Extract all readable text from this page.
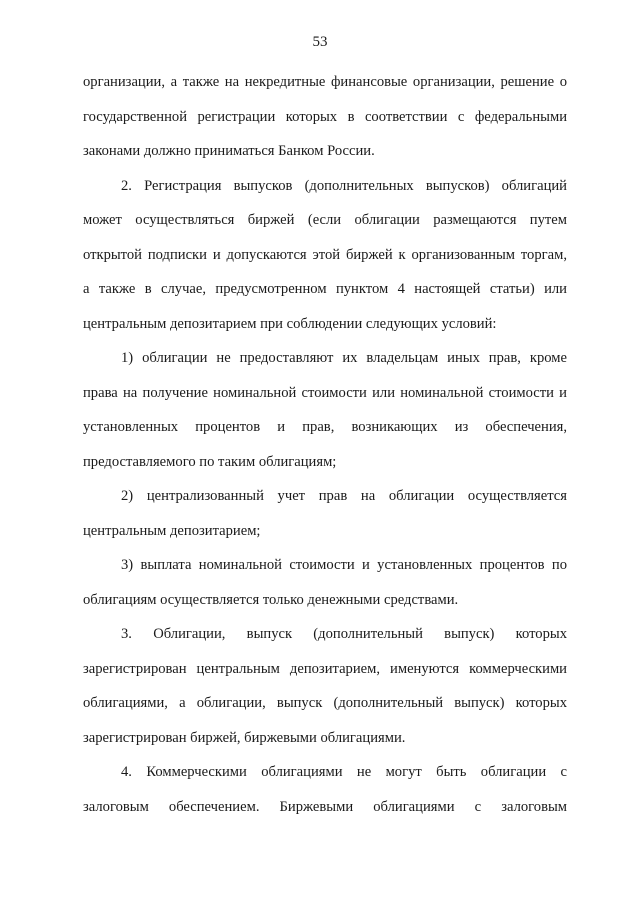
53
организации, а также на некредитные финансовые организации, решение о
государственной регистрации которых в соответствии с федеральными
законами должно приниматься Банком России.
2. Регистрация выпусков (дополнительных выпусков) облигаций
может осуществляться биржей (если облигации размещаются путем
открытой подписки и допускаются этой биржей к организованным торгам,
а также в случае, предусмотренном пунктом 4 настоящей статьи) или
центральным депозитарием при соблюдении следующих условий:
1) облигации не предоставляют их владельцам иных прав, кроме
права на получение номинальной стоимости или номинальной стоимости и
установленных процентов и прав, возникающих из обеспечения,
предоставляемого по таким облигациям;
2) централизованный учет прав на облигации осуществляется
центральным депозитарием;
3) выплата номинальной стоимости и установленных процентов по
облигациям осуществляется только денежными средствами.
3. Облигации, выпуск (дополнительный выпуск) которых
зарегистрирован центральным депозитарием, именуются коммерческими
облигациями, а облигации, выпуск (дополнительный выпуск) которых
зарегистрирован биржей, биржевыми облигациями.
4. Коммерческими облигациями не могут быть облигации с
залоговым обеспечением. Биржевыми облигациями с залоговым
